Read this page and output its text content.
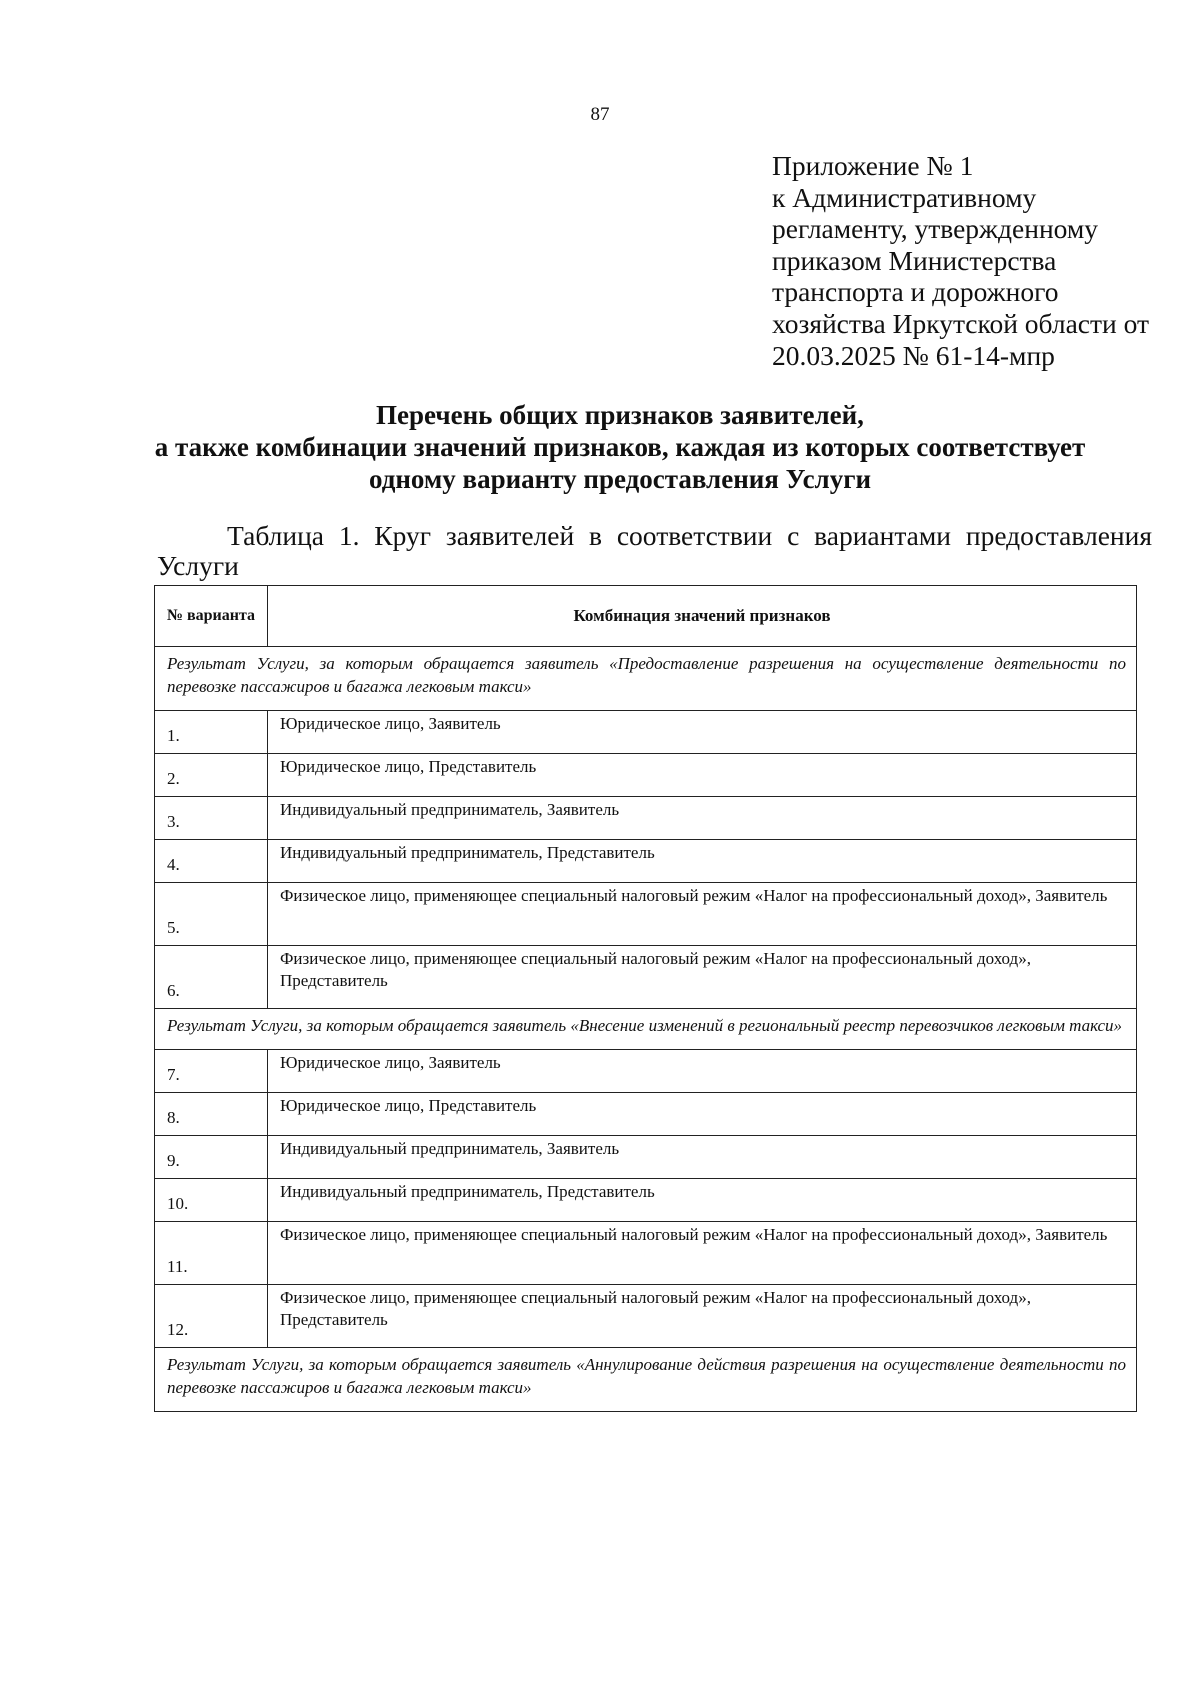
87
Приложение № 1
к Административному
регламенту, утвержденному
приказом Министерства
транспорта и дорожного
хозяйства Иркутской области от
20.03.2025 № 61-14-мпр
Перечень общих признаков заявителей,
а также комбинации значений признаков, каждая из которых соответствует
одному варианту предоставления Услуги
Таблица 1. Круг заявителей в соответствии с вариантами предоставления
Услуги
№ варианта	Комбинация значений признаков
Результат Услуги, за которым обращается заявитель «Предоставление разрешения на осуществление деятельности по перевозке пассажиров и багажа легковым такси»	
1.	Юридическое лицо, Заявитель
2.	Юридическое лицо, Представитель
3.	Индивидуальный предприниматель, Заявитель
4.	Индивидуальный предприниматель, Представитель
5.	Физическое лицо, применяющее специальный налоговый режим «Налог на профессиональный доход», Заявитель
6.	Физическое лицо, применяющее специальный налоговый режим «Налог на профессиональный доход», Представитель
Результат Услуги, за которым обращается заявитель «Внесение изменений в региональный реестр перевозчиков легковым такси»	
7.	Юридическое лицо, Заявитель
8.	Юридическое лицо, Представитель
9.	Индивидуальный предприниматель, Заявитель
10.	Индивидуальный предприниматель, Представитель
11.	Физическое лицо, применяющее специальный налоговый режим «Налог на профессиональный доход», Заявитель
12.	Физическое лицо, применяющее специальный налоговый режим «Налог на профессиональный доход», Представитель
Результат Услуги, за которым обращается заявитель «Аннулирование действия разрешения на осуществление деятельности по перевозке пассажиров и багажа легковым такси»	
